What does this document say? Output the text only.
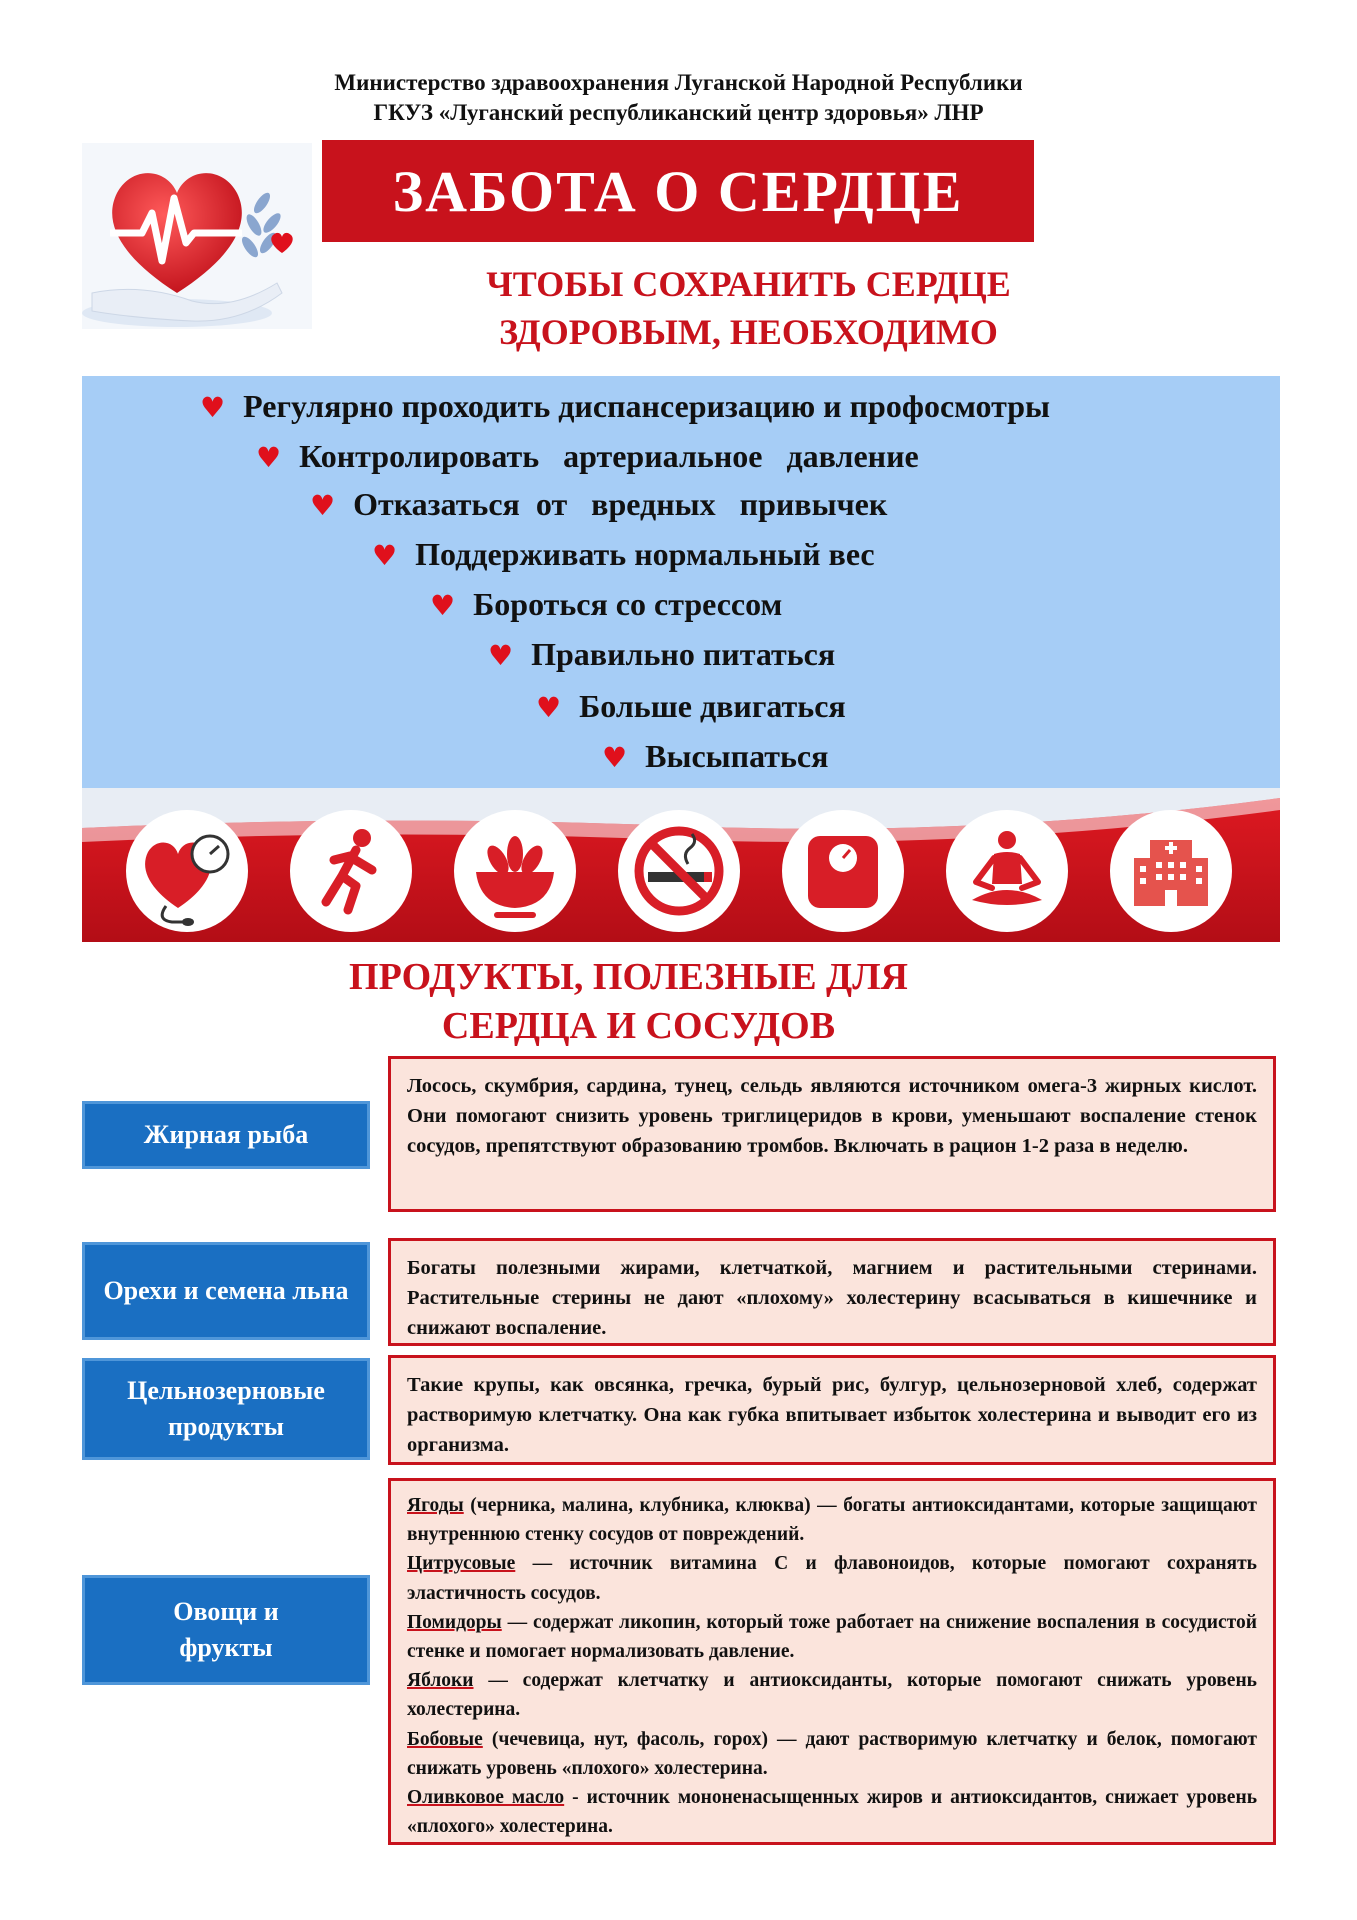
Министерство здравоохранения Луганской Народной Республики
ГКУЗ «Луганский республиканский центр здоровья» ЛНР
ЗАБОТА О СЕРДЦЕ
ЧТОБЫ СОХРАНИТЬ СЕРДЦЕ
ЗДОРОВЫМ, НЕОБХОДИМО
♥ Регулярно проходить диспансеризацию и профосмотры
♥ Контролировать   артериальное   давление
♥ Отказаться  от   вредных   привычек
♥ Поддерживать нормальный вес
♥ Бороться со стрессом
♥ Правильно питаться
♥ Больше двигаться
♥ Высыпаться
ПРОДУКТЫ, ПОЛЕЗНЫЕ ДЛЯ
СЕРДЦА И СОСУДОВ
Жирная рыба

Лосось, скумбрия, сардина, тунец, сельдь являются источником омега-3 жирных кислот. Они помогают снизить уровень триглицеридов в крови, уменьшают воспаление стенок сосудов, препятствуют образованию тромбов. Включать в рацион 1-2 раза в неделю.

Орехи и семена льна

Богаты полезными жирами, клетчаткой, магнием и растительными стеринами. Растительные стерины не дают «плохому» холестерину всасываться в кишечнике и снижают воспаление.

Цельнозерновые продукты

Такие крупы, как овсянка, гречка, бурый рис, булгур, цельнозерновой хлеб, содержат растворимую клетчатку. Она как губка впитывает избыток холестерина и выводит его из организма.

Овощи и фрукты

Ягоды (черника, малина, клубника, клюква) — богаты антиоксидантами, которые защищают внутреннюю стенку сосудов от повреждений.

Цитрусовые — источник витамина С и флавоноидов, которые помогают сохранять эластичность сосудов.

Помидоры — содержат ликопин, который тоже работает на снижение воспаления в сосудистой стенке и помогает нормализовать давление.

Яблоки — содержат клетчатку и антиоксиданты, которые помогают снижать уровень холестерина.

Бобовые (чечевица, нут, фасоль, горох) — дают растворимую клетчатку и белок, помогают снижать уровень «плохого» холестерина.

Оливковое масло - источник мононенасыщенных жиров и антиоксидантов, снижает уровень «плохого» холестерина.
